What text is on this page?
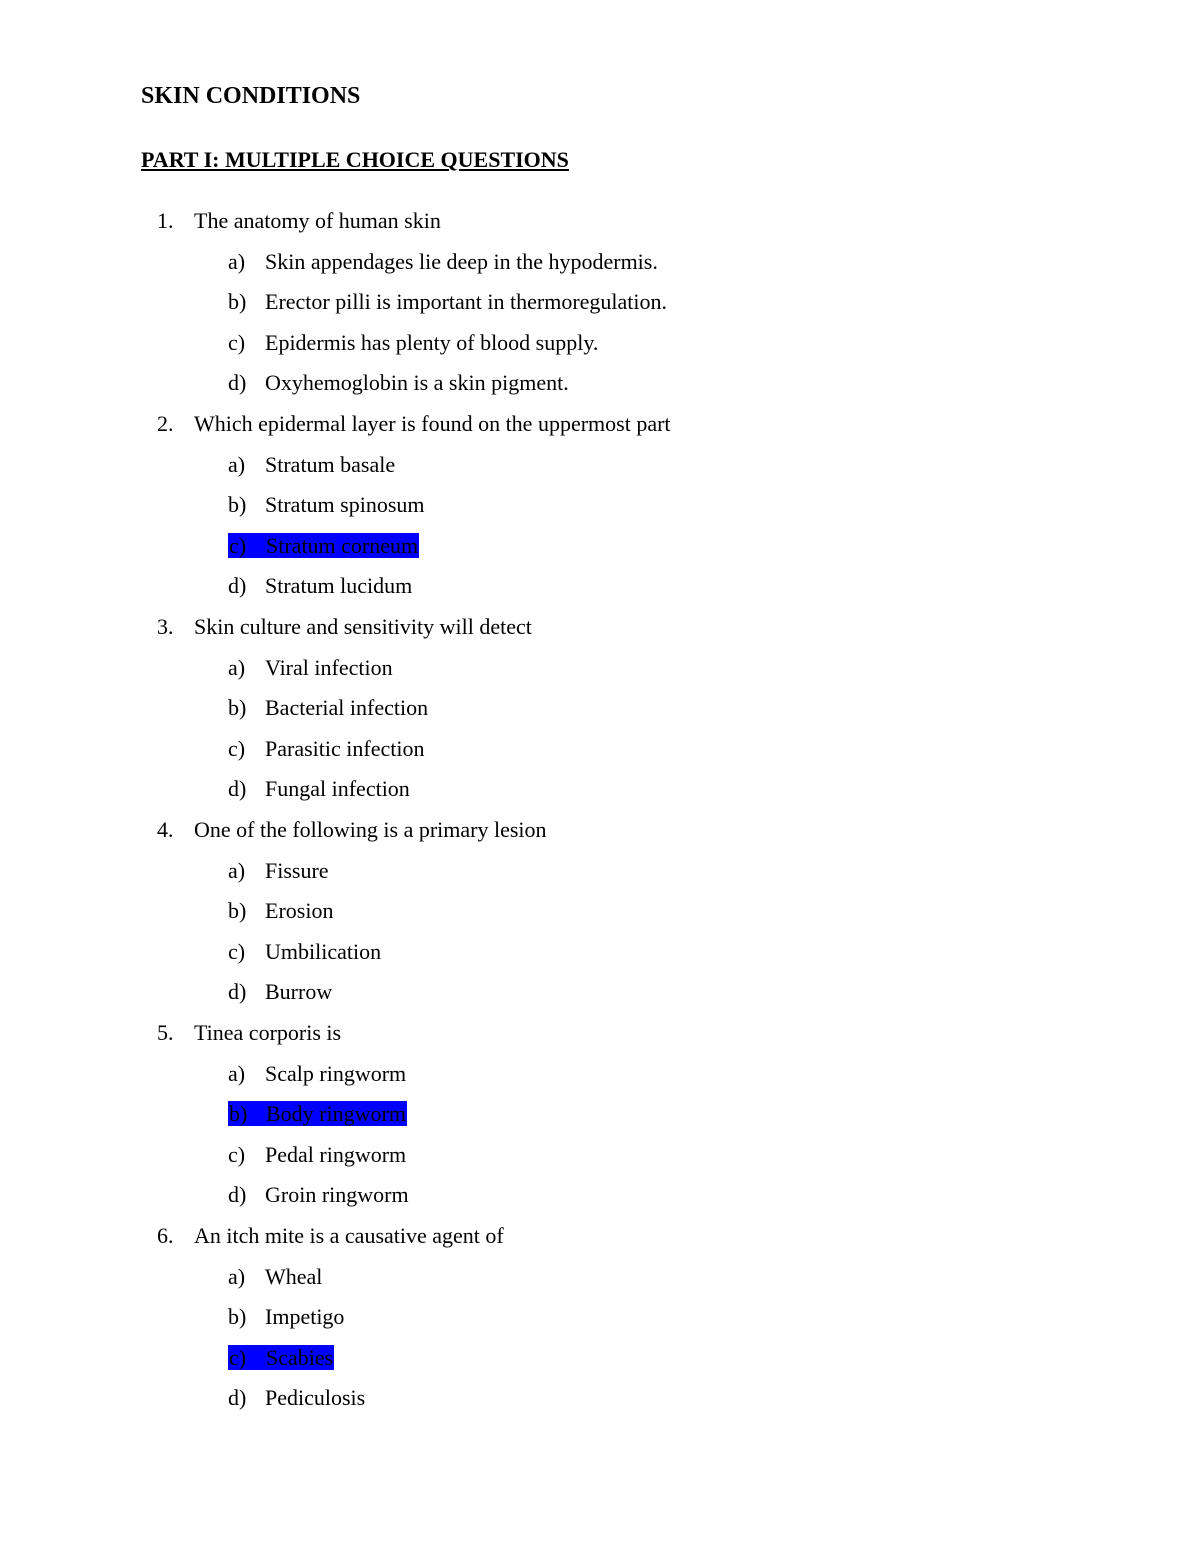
SKIN CONDITIONS
PART I: MULTIPLE CHOICE QUESTIONS
1. The anatomy of human skin
a) Skin appendages lie deep in the hypodermis.
b) Erector pilli is important in thermoregulation.
c) Epidermis has plenty of blood supply.
d) Oxyhemoglobin is a skin pigment.
2. Which epidermal layer is found on the uppermost part
a) Stratum basale
b) Stratum spinosum
c) Stratum corneum
d) Stratum lucidum
3. Skin culture and sensitivity will detect
a) Viral infection
b) Bacterial infection
c) Parasitic infection
d) Fungal infection
4. One of the following is a primary lesion
a) Fissure
b) Erosion
c) Umbilication
d) Burrow
5. Tinea corporis is
a) Scalp ringworm
b) Body ringworm
c) Pedal ringworm
d) Groin ringworm
6. An itch mite is a causative agent of
a) Wheal
b) Impetigo
c) Scabies
d) Pediculosis
